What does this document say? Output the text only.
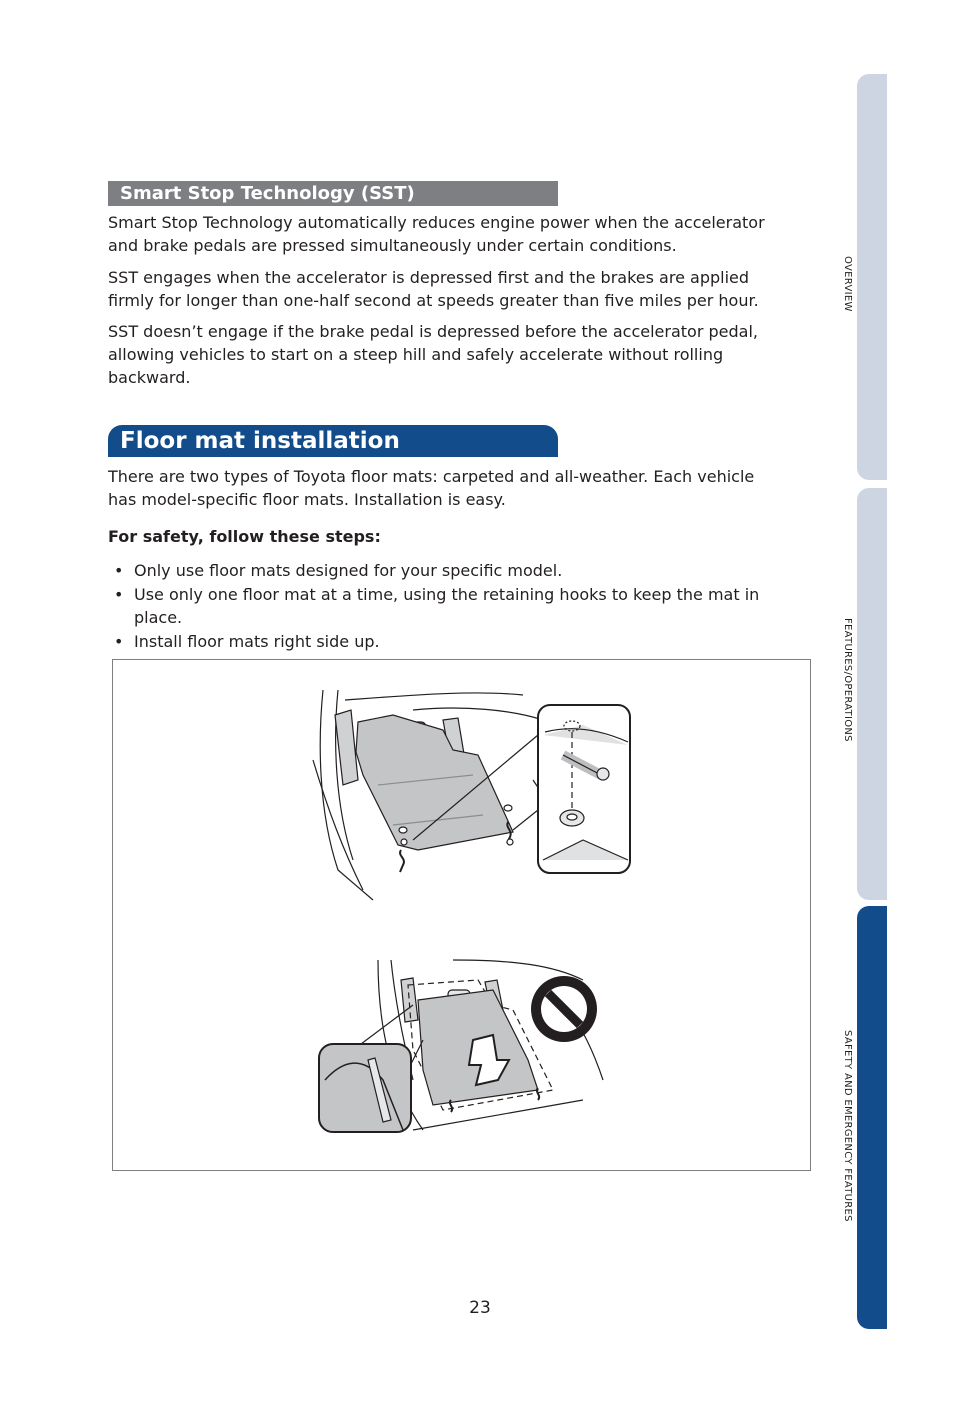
Smart Stop Technology (SST)

Smart Stop Technology automatically reduces engine power when the accelerator
and brake pedals are pressed simultaneously under certain conditions.

SST engages when the accelerator is depressed first and the brakes are applied
firmly for longer than one-half second at speeds greater than five miles per hour.

SST doesn’t engage if the brake pedal is depressed before the accelerator pedal,
allowing vehicles to start on a steep hill and safely accelerate without rolling
backward.

Floor mat installation

There are two types of Toyota floor mats: carpeted and all-weather. Each vehicle
has model-specific floor mats. Installation is easy.

For safety, follow these steps:

• Only use floor mats designed for your specific model.
• Use only one floor mat at a time, using the retaining hooks to keep the mat in place.
• Install floor mats right side up.
23
OVERVIEW
FEATURES/OPERATIONS
SAFETY AND EMERGENCY FEATURES
